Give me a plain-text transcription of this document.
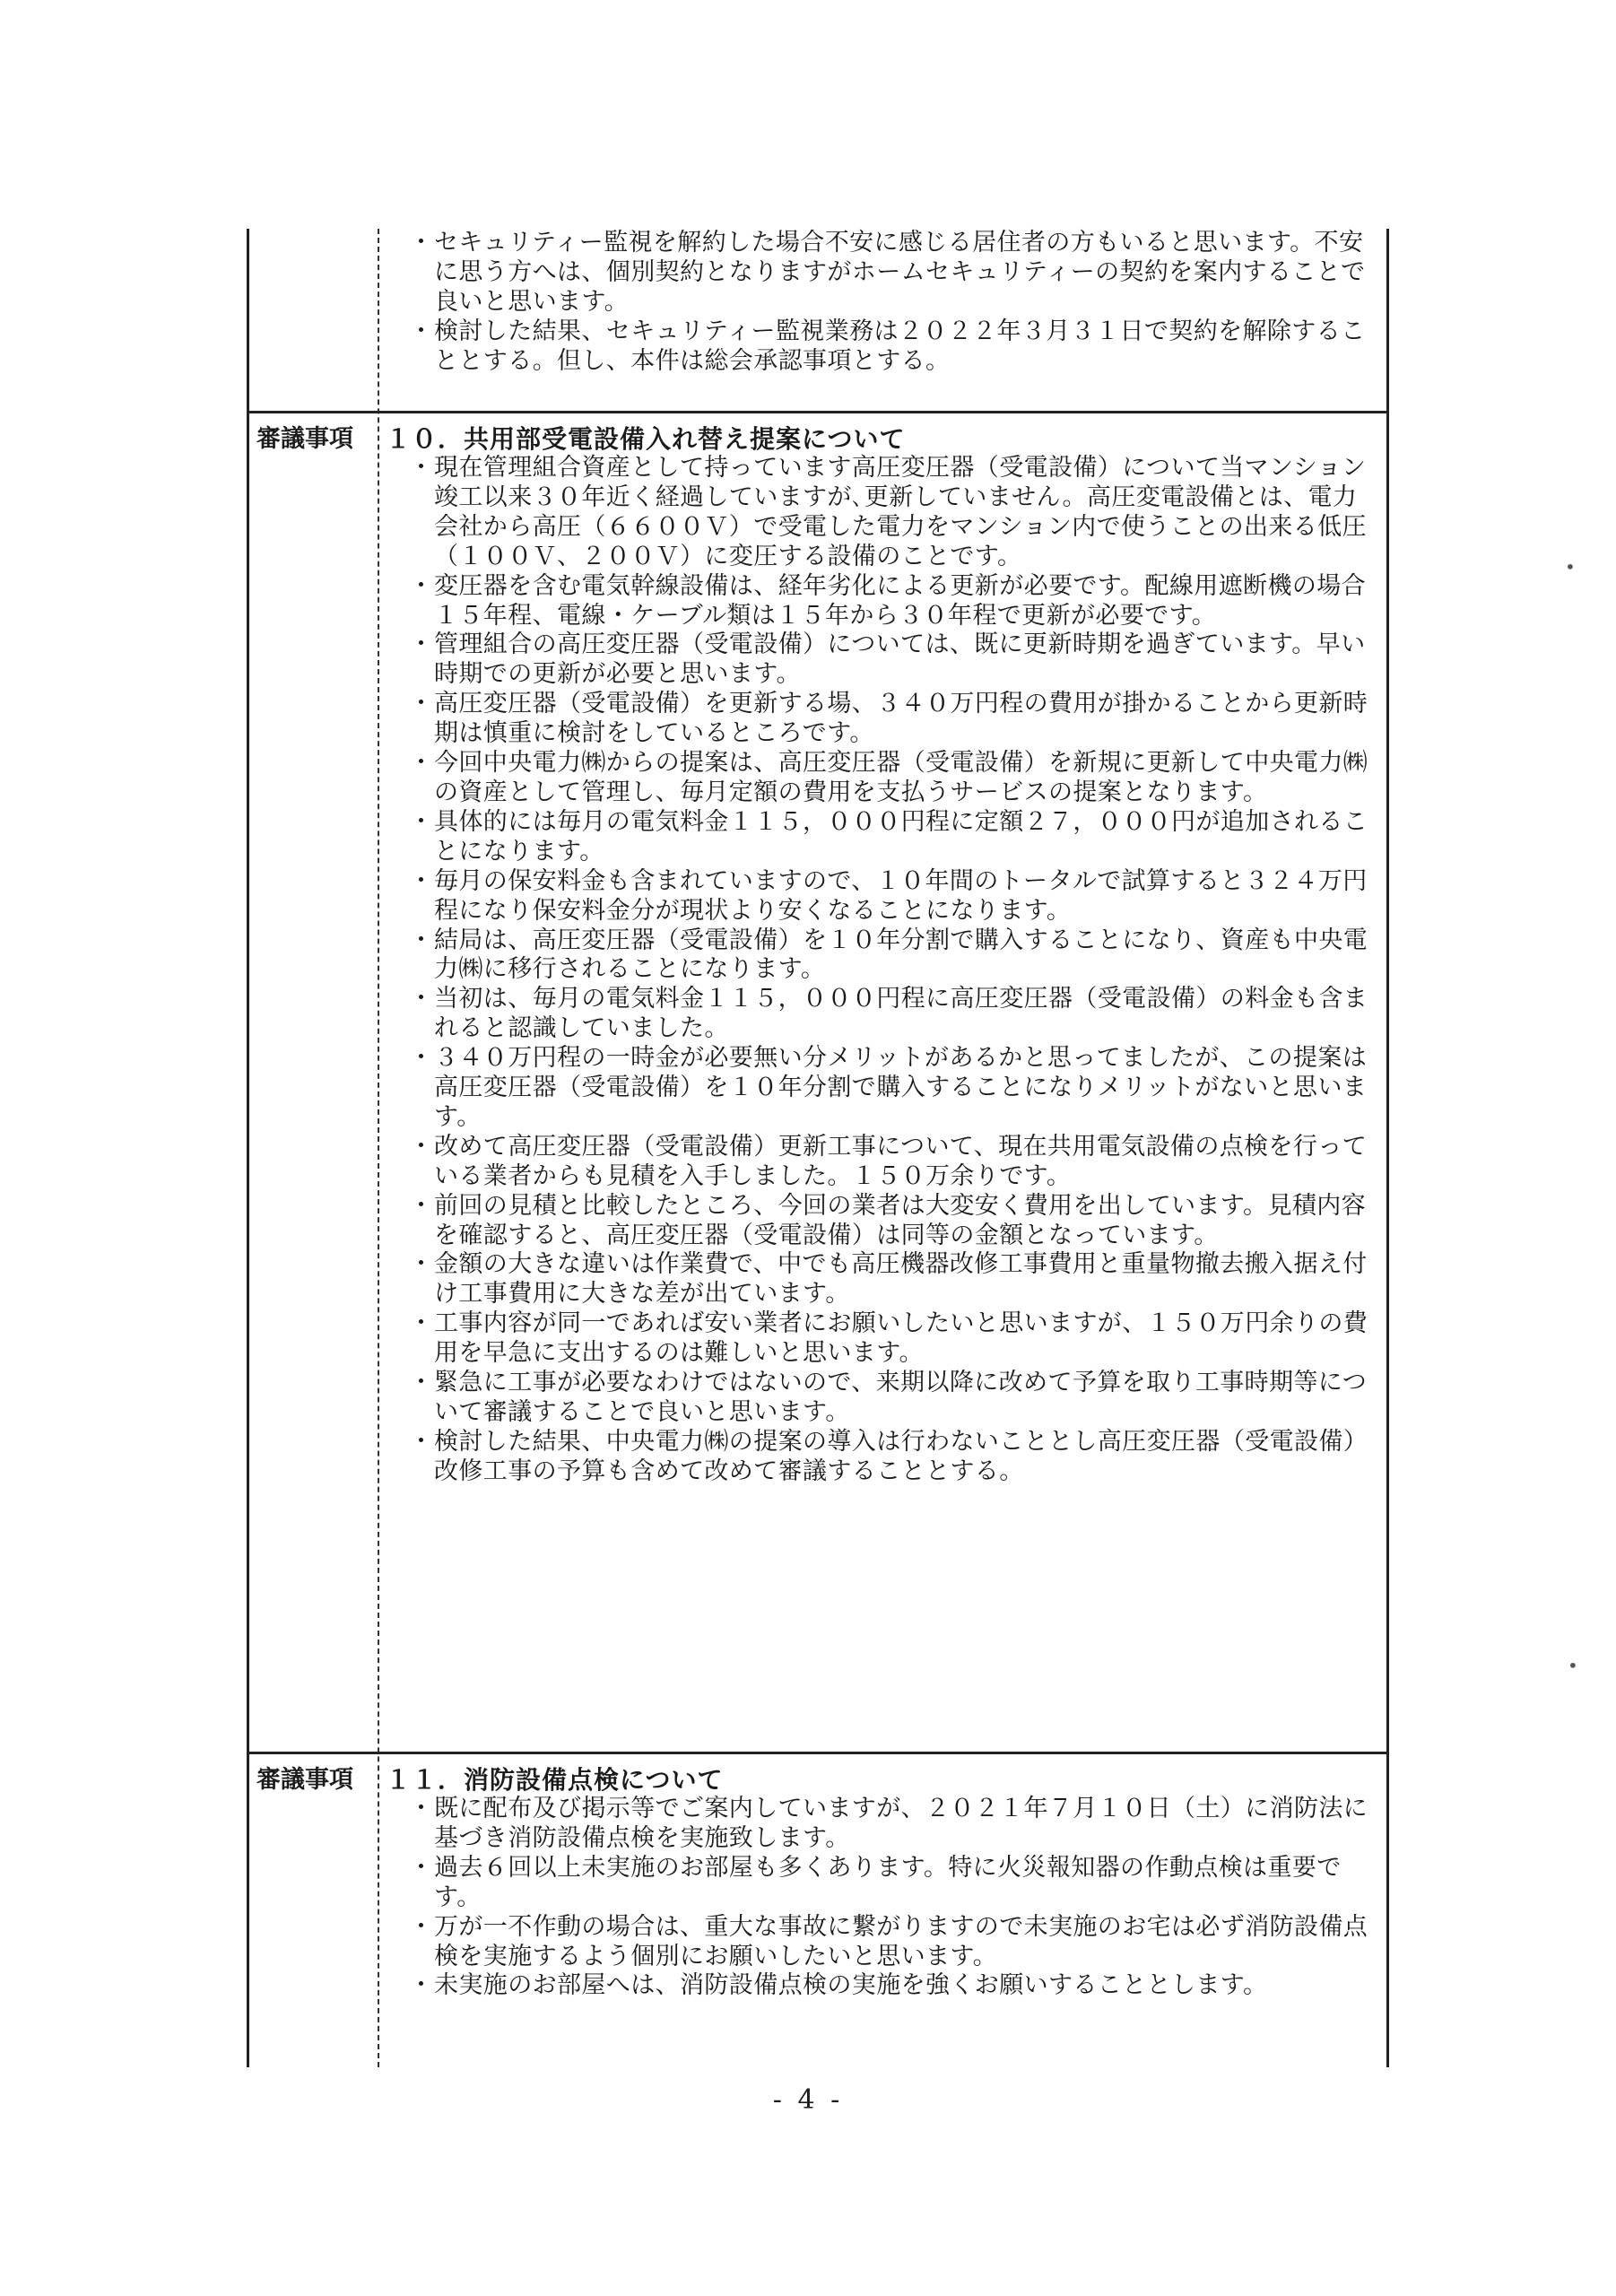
・ セキュリティー監視を解約した場合不安に感じる居住者の方もいると思います。不安に思う方へは、個別契約となりますがホームセキュリティーの契約を案内することで良いと思います。
・ 検討した結果、セキュリティー監視業務は２０２２年３月３１日で契約を解除することとする。但し、本件は総会承認事項とする。
審議事項	１０．共用部受電設備入れ替え提案について
・ 現在管理組合資産として持っています高圧変圧器（受電設備）について当マンション竣工以来３０年近く経過していますが､更新していません。高圧変電設備とは、電力会社から高圧（６６００Ｖ）で受電した電力をマンション内で使うことの出来る低圧（１００Ｖ、２００Ｖ）に変圧する設備のことです。
・ 変圧器を含む電気幹線設備は、経年劣化による更新が必要です。配線用遮断機の場合１５年程、電線・ケーブル類は１５年から３０年程で更新が必要です。
・ 管理組合の高圧変圧器（受電設備）については、既に更新時期を過ぎています。早い時期での更新が必要と思います。
・ 高圧変圧器（受電設備）を更新する場、３４０万円程の費用が掛かることから更新時期は慎重に検討をしているところです。
・ 今回中央電力㈱からの提案は、高圧変圧器（受電設備）を新規に更新して中央電力㈱の資産として管理し、毎月定額の費用を支払うサービスの提案となります。
・ 具体的には毎月の電気料金１１５，０００円程に定額２７，０００円が追加されることになります。
・ 毎月の保安料金も含まれていますので、１０年間のトータルで試算すると３２４万円程になり保安料金分が現状より安くなることになります。
・ 結局は、高圧変圧器（受電設備）を１０年分割で購入することになり、資産も中央電力㈱に移行されることになります。
・ 当初は、毎月の電気料金１１５，０００円程に高圧変圧器（受電設備）の料金も含まれると認識していました。
・ ３４０万円程の一時金が必要無い分メリットがあるかと思ってましたが、この提案は高圧変圧器（受電設備）を１０年分割で購入することになりメリットがないと思います。
・ 改めて高圧変圧器（受電設備）更新工事について、現在共用電気設備の点検を行っている業者からも見積を入手しました。１５０万余りです。
・ 前回の見積と比較したところ、今回の業者は大変安く費用を出しています。見積内容を確認すると、高圧変圧器（受電設備）は同等の金額となっています。
・ 金額の大きな違いは作業費で、中でも高圧機器改修工事費用と重量物撤去搬入据え付け工事費用に大きな差が出ています。
・ 工事内容が同一であれば安い業者にお願いしたいと思いますが、１５０万円余りの費用を早急に支出するのは難しいと思います。
・ 緊急に工事が必要なわけではないので、来期以降に改めて予算を取り工事時期等について審議することで良いと思います。
・ 検討した結果、中央電力㈱の提案の導入は行わないこととし高圧変圧器（受電設備）改修工事の予算も含めて改めて審議することとする。
審議事項	１１．消防設備点検について
・ 既に配布及び掲示等でご案内していますが、２０２１年７月１０日（土）に消防法に基づき消防設備点検を実施致します。
・ 過去６回以上未実施のお部屋も多くあります。特に火災報知器の作動点検は重要です。
・ 万が一不作動の場合は、重大な事故に繋がりますので未実施のお宅は必ず消防設備点検を実施するよう個別にお願いしたいと思います。
・ 未実施のお部屋へは、消防設備点検の実施を強くお願いすることとします。
- 4 -
•
•
